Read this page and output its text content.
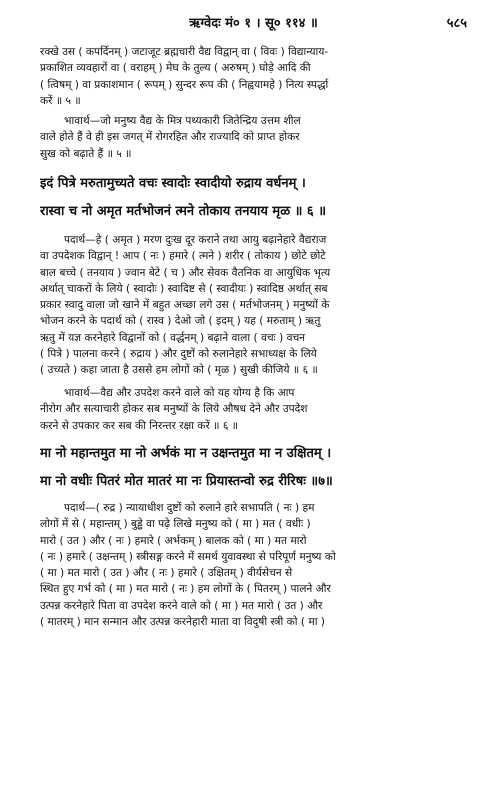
ऋग्वेदः मं० १ । सू० ११४ ॥	५८५
रक्खे उस ( कपर्दिनम् ) जटाजूट ब्रह्मचारी वैद्य विद्वान् वा ( विवः ) विद्यान्याय-
प्रकाशित व्यवहारों वा ( वराहम् ) मेघ के तुल्य ( अरुषम् ) घोड़े आदि की
( त्विषम् ) वा प्रकाशमान ( रूपम् ) सुन्दर रूप की ( निह्वयामहे ) नित्य स्पर्द्धा
करें ॥ ५ ॥
भावार्थ—जो मनुष्य वैद्य के मित्र पथ्यकारी जितेन्द्रिय उत्तम शील
वाले होते हैं वे ही इस जगत् में रोगरहित और राज्यादि को प्राप्त होकर
सुख को बढ़ाते हैं ॥ ५ ॥
इदं पित्रे मरुतामुच्यते वचः स्वादोः स्वादीयो रुद्राय वर्धनम् ।
रास्वा च नो अमृत मर्तभोजनं त्मने तोकाय तनयाय मृळ ॥ ६ ॥
पदार्थ—हे ( अमृत ) मरण दुःख दूर कराने तथा आयु बढ़ानेहारे वैद्यराज
वा उपदेशक विद्वान् ! आप ( नः ) हमारे ( त्मने ) शरीर ( तोकाय ) छोटे छोटे
बाल बच्चे ( तनयाय ) ज्वान बेटे ( च ) और सेवक वैतनिक वा आयुधिक भृत्य
अर्थात् चाकरों के लिये ( स्वादोः ) स्वादिष्ट से ( स्वादीयः ) स्वादिष्ठ अर्थात् सब
प्रकार स्वादु वाला जो खाने में बहुत अच्छा लगे उस ( मर्तभोजनम् ) मनुष्यों के
भोजन करने के पदार्थ को ( रास्व ) देओ जो ( इदम् ) यह ( मरुताम् ) ऋतु
ऋतु में यज्ञ करनेहारे विद्वानों को ( वर्द्धनम् ) बढ़ाने वाला ( वचः ) वचन
( पित्रे ) पालना करने ( रुद्राय ) और दुष्टों को रुलानेहारे सभाध्यक्ष के लिये
( उच्यते ) कहा जाता है उससे हम लोगों को ( मृळ ) सुखी कीजिये ॥ ६ ॥
भावार्थ—वैद्य और उपदेश करने वाले को यह योग्य है कि आप
नीरोग और सत्याचारी होकर सब मनुष्यों के लिये औषध देने और उपदेश
करने से उपकार कर सब की निरन्तर रक्षा करें ॥ ६ ॥
मा नो महान्तमुत मा नो अर्भकं मा न उक्षन्तमुत मा न उक्षितम् ।
मा नो वधीः पितरं मोत मातरं मा नः प्रियास्तन्वो रुद्र रीरिषः ॥७॥
पदार्थ—( रुद्र ) न्यायाधीश दुष्टों को रुलाने हारे सभापति ( नः ) हम
लोगों में से ( महान्तम् ) बुड्ढे वा पढ़े लिखे मनुष्य को ( मा ) मत ( वधीः )
मारो ( उत ) और ( नः ) हमारे ( अर्भकम् ) बालक को ( मा ) मत मारो
( नः ) हमारे ( उक्षन्तम् ) स्त्रीसङ्ग करने में समर्थ युवावस्था से परिपूर्ण मनुष्य को
( मा ) मत मारो ( उत ) और ( नः ) हमारे ( उक्षितम् ) वीर्यसेचन से
स्थित हुए गर्भ को ( मा ) मत मारो ( नः ) हम लोगों के ( पितरम् ) पालने और
उत्पन्न करनेहारे पिता वा उपदेश करने वाले को ( मा ) मत मारो ( उत ) और
( मातरम् ) मान सन्मान और उत्पन्न करनेहारी माता वा विदुषी स्त्री को ( मा )
